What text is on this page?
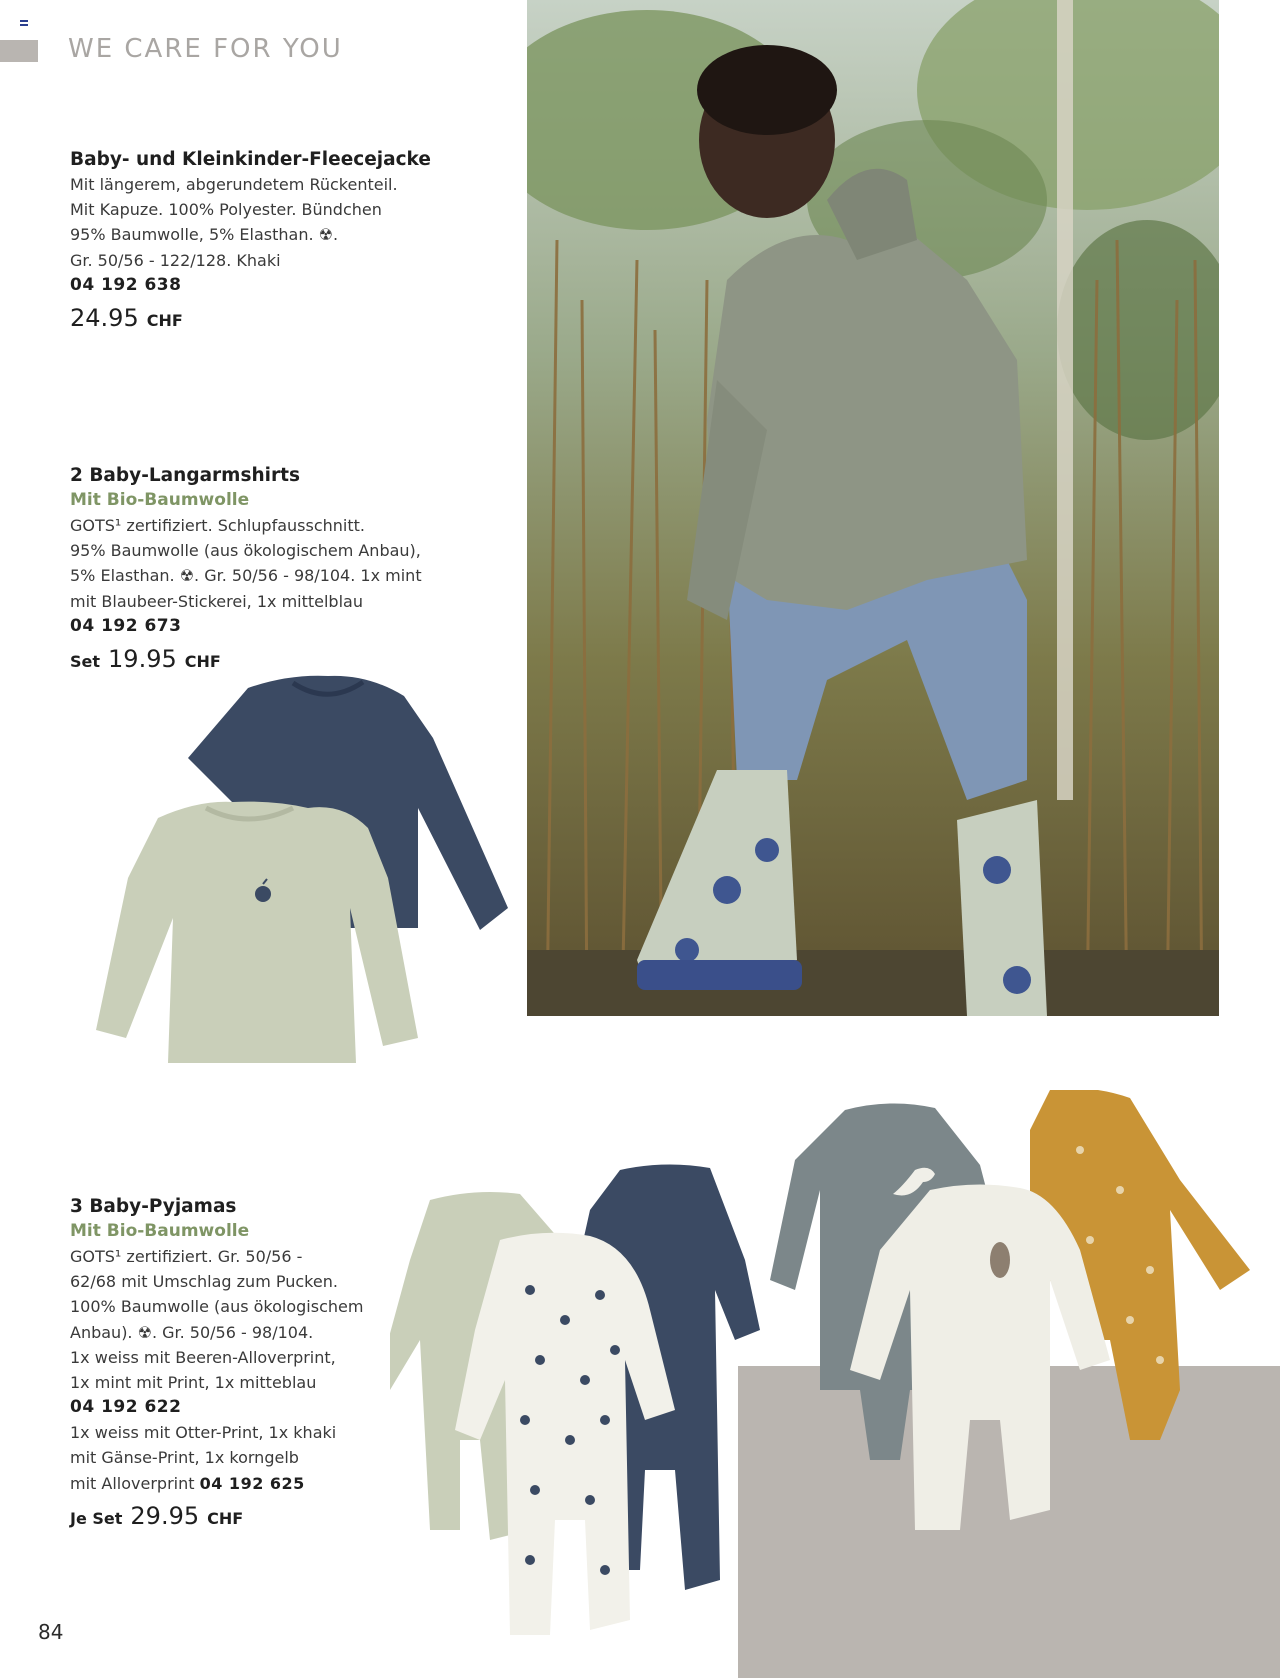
WE CARE FOR YOU
Baby- und Kleinkinder-Fleecejacke
Mit längerem, abgerundetem Rückenteil.
Mit Kapuze. 100% Polyester. Bündchen
95% Baumwolle, 5% Elasthan. ☢.
Gr. 50/56 - 122/128. Khaki
04 192 638
24.95 CHF
2 Baby-Langarmshirts
Mit Bio-Baumwolle
GOTS¹ zertifiziert. Schlupfausschnitt.
95% Baumwolle (aus ökologischem Anbau),
5% Elasthan. ☢. Gr. 50/56 - 98/104. 1x mint
mit Blaubeer-Stickerei, 1x mittelblau
04 192 673
Set 19.95 CHF
3 Baby-Pyjamas
Mit Bio-Baumwolle
GOTS¹ zertifiziert. Gr. 50/56 -
62/68 mit Umschlag zum Pucken.
100% Baumwolle (aus ökologischem
Anbau). ☢. Gr. 50/56 - 98/104.
1x weiss mit Beeren-Alloverprint,
1x mint mit Print, 1x mitteblau
04 192 622
1x weiss mit Otter-Print, 1x khaki
mit Gänse-Print, 1x korngelb
mit Alloverprint 04 192 625
Je Set 29.95 CHF
84
